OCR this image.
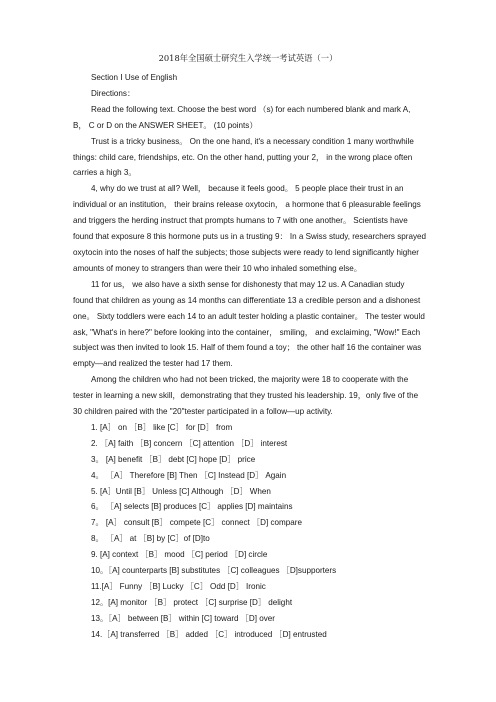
2018年全国硕士研究生入学统一考试英语（一）

Section Ⅰ Use of English

Directions：

Read the following text. Choose the best word （s) for each numbered blank and mark A, B， C or D on the ANSWER SHEET。 (10 points）

Trust is a tricky business。 On the one hand, it's a necessary condition 1 many worthwhile things: child care, friendships, etc. On the other hand, putting your 2， in the wrong place often carries a high 3。

4, why do we trust at all? Well， because it feels good。 5 people place their trust in an individual or an institution， their brains release oxytocin， a hormone that 6 pleasurable feelings and triggers the herding instruct that prompts humans to 7 with one another。 Scientists have found that exposure 8 this hormone puts us in a trusting 9： In a Swiss study, researchers sprayed oxytocin into the noses of half the subjects; those subjects were ready to lend significantly higher amounts of money to strangers than were their 10 who inhaled something else。

11 for us， we also have a sixth sense for dishonesty that may 12 us. A Canadian study found that children as young as 14 months can differentiate 13 a credible person and a dishonest one。 Sixty toddlers were each 14 to an adult tester holding a plastic container。 The tester would ask, "What's in here?" before looking into the container， smiling， and exclaiming, "Wow!" Each subject was then invited to look 15. Half of them found a toy； the other half 16 the container was empty—and realized the tester had 17 them.

Among the children who had not been tricked, the majority were 18 to cooperate with the tester in learning a new skill，demonstrating that they trusted his leadership. 19，only five of the 30 children paired with the "20"tester participated in a follow—up activity.

1. [A］ on ［B］ like [C］ for [D］ from

2. ［A] faith ［B] concern ［C] attention ［D］ interest

3。 [A] benefit ［B］ debt [C] hope [D］ price

4。 ［A］ Therefore [B] Then ［C] Instead [D］ Again

5. [A］Until [B］ Unless [C] Although ［D］ When

6。 ［A] selects [B] produces [C］ applies [D] maintains

7。 [A］ consult [B］ compete [C］ connect ［D] compare

8。 ［A］ at ［B] by [C］of [D]to

9. [A] context ［B］ mood ［C] period ［D] circle

10。［A] counterparts [B] substitutes ［C] colleagues ［D]supporters

11.[A］ Funny ［B] Lucky ［C］ Odd [D］ Ironic

12。[A] monitor ［B］ protect ［C] surprise [D］ delight

13。［A］ between [B］ within [C] toward ［D] over

14.［A] transferred ［B］ added ［C］ introduced ［D] entrusted
